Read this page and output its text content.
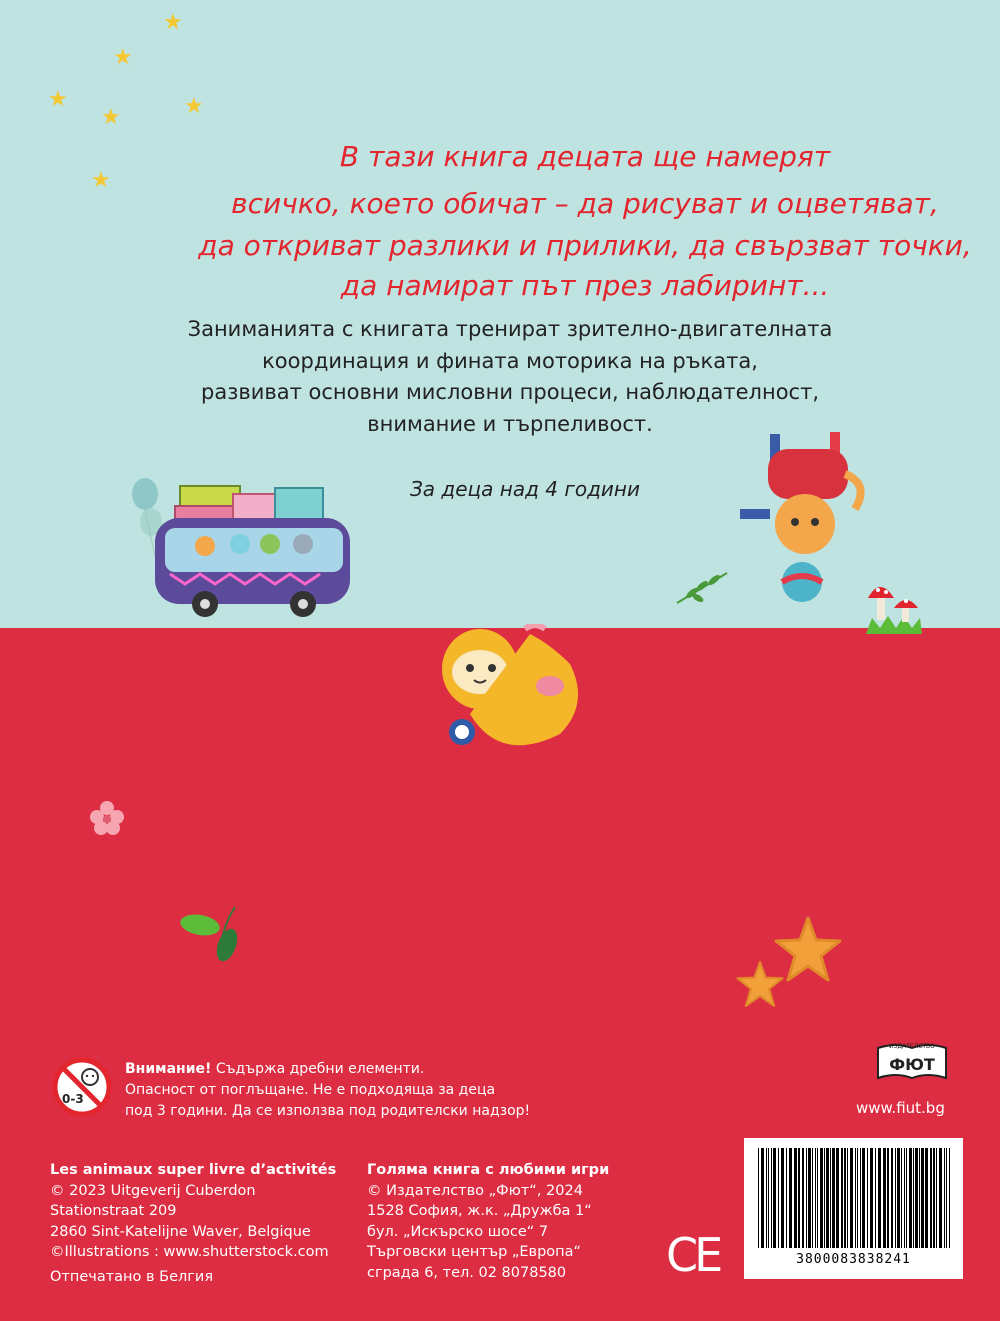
★
★
★	★
★
★
В тази книга децата ще намерят
всичко, което обичат – да рисуват и оцветяват,
да откриват разлики и прилики, да свързват точки,
да намират път през лабиринт...
Заниманията с книгата тренират зрително-двигателната
координация и фината моторика на ръката,
развиват основни мисловни процеси, наблюдателност,
внимание и търпеливост.
За деца над 4 години
0-3
Внимание! Съдържа дребни елементи.
Опасност от поглъщане. Не е подходяща за деца
под 3 години. Да се използва под родителски надзор!
ИЗДАТЕЛСТВО
ФЮТ
www.fiut.bg
Les animaux super livre d’activités
© 2023 Uitgeverij Cuberdon
Stationstraat 209
2860 Sint-Katelijne Waver, Belgique
©Illustrations : www.shutterstock.com
Отпечатано в Белгия
Голяма книга с любими игри
© Издателство „Фют“, 2024
1528 София, ж.к. „Дружба 1“
бул. „Искърско шосе“ 7
Търговски център „Европа“
сграда 6, тел. 02 8078580	CE	3800083838241
